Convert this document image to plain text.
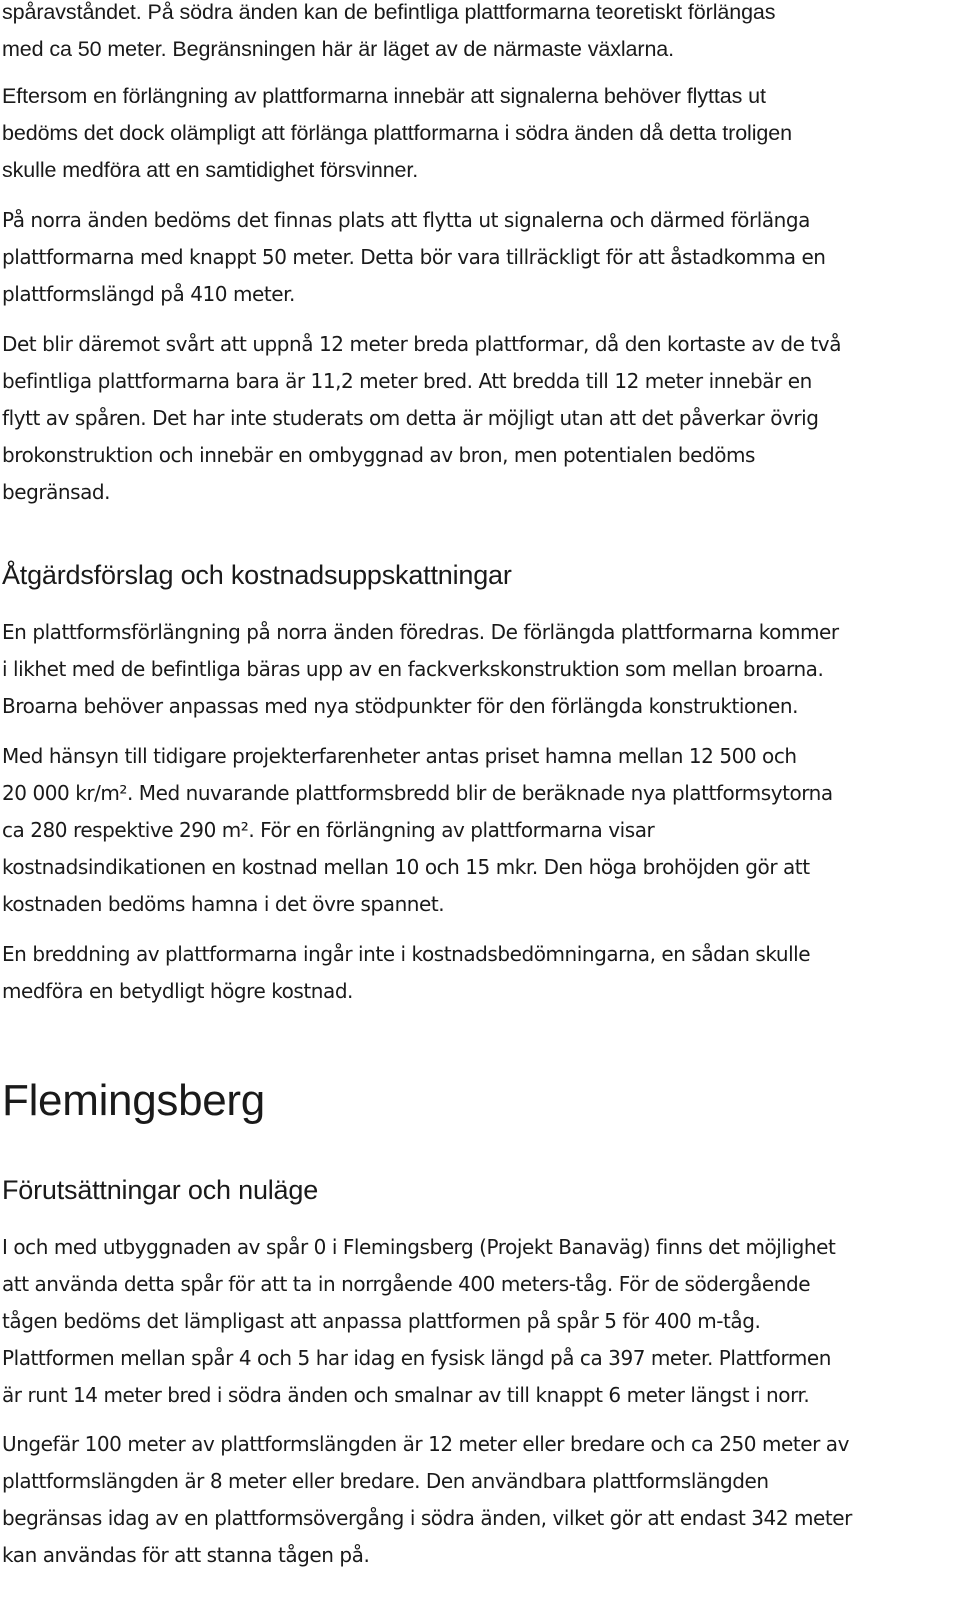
spåravståndet. På södra änden kan de befintliga plattformarna teoretiskt förlängas
med ca 50 meter. Begränsningen här är läget av de närmaste växlarna.

Eftersom en förlängning av plattformarna innebär att signalerna behöver flyttas ut
bedöms det dock olämpligt att förlänga plattformarna i södra änden då detta troligen
skulle medföra att en samtidighet försvinner.

På norra änden bedöms det finnas plats att flytta ut signalerna och därmed förlänga
plattformarna med knappt 50 meter. Detta bör vara tillräckligt för att åstadkomma en
plattformslängd på 410 meter.

Det blir däremot svårt att uppnå 12 meter breda plattformar, då den kortaste av de två
befintliga plattformarna bara är 11,2 meter bred. Att bredda till 12 meter innebär en
flytt av spåren. Det har inte studerats om detta är möjligt utan att det påverkar övrig
brokonstruktion och innebär en ombyggnad av bron, men potentialen bedöms
begränsad.

Åtgärdsförslag och kostnadsuppskattningar

En plattformsförlängning på norra änden föredras. De förlängda plattformarna kommer
i likhet med de befintliga bäras upp av en fackverkskonstruktion som mellan broarna.
Broarna behöver anpassas med nya stödpunkter för den förlängda konstruktionen.

Med hänsyn till tidigare projekterfarenheter antas priset hamna mellan 12 500 och
20 000 kr/m². Med nuvarande plattformsbredd blir de beräknade nya plattformsytorna
ca 280 respektive 290 m². För en förlängning av plattformarna visar
kostnadsindikationen en kostnad mellan 10 och 15 mkr. Den höga brohöjden gör att
kostnaden bedöms hamna i det övre spannet.

En breddning av plattformarna ingår inte i kostnadsbedömningarna, en sådan skulle
medföra en betydligt högre kostnad.

Flemingsberg
Förutsättningar och nuläge

I och med utbyggnaden av spår 0 i Flemingsberg (Projekt Banaväg) finns det möjlighet
att använda detta spår för att ta in norrgående 400 meters-tåg. För de södergående
tågen bedöms det lämpligast att anpassa plattformen på spår 5 för 400 m-tåg.
Plattformen mellan spår 4 och 5 har idag en fysisk längd på ca 397 meter. Plattformen
är runt 14 meter bred i södra änden och smalnar av till knappt 6 meter längst i norr.

Ungefär 100 meter av plattformslängden är 12 meter eller bredare och ca 250 meter av
plattformslängden är 8 meter eller bredare. Den användbara plattformslängden
begränsas idag av en plattformsövergång i södra änden, vilket gör att endast 342 meter
kan användas för att stanna tågen på.
